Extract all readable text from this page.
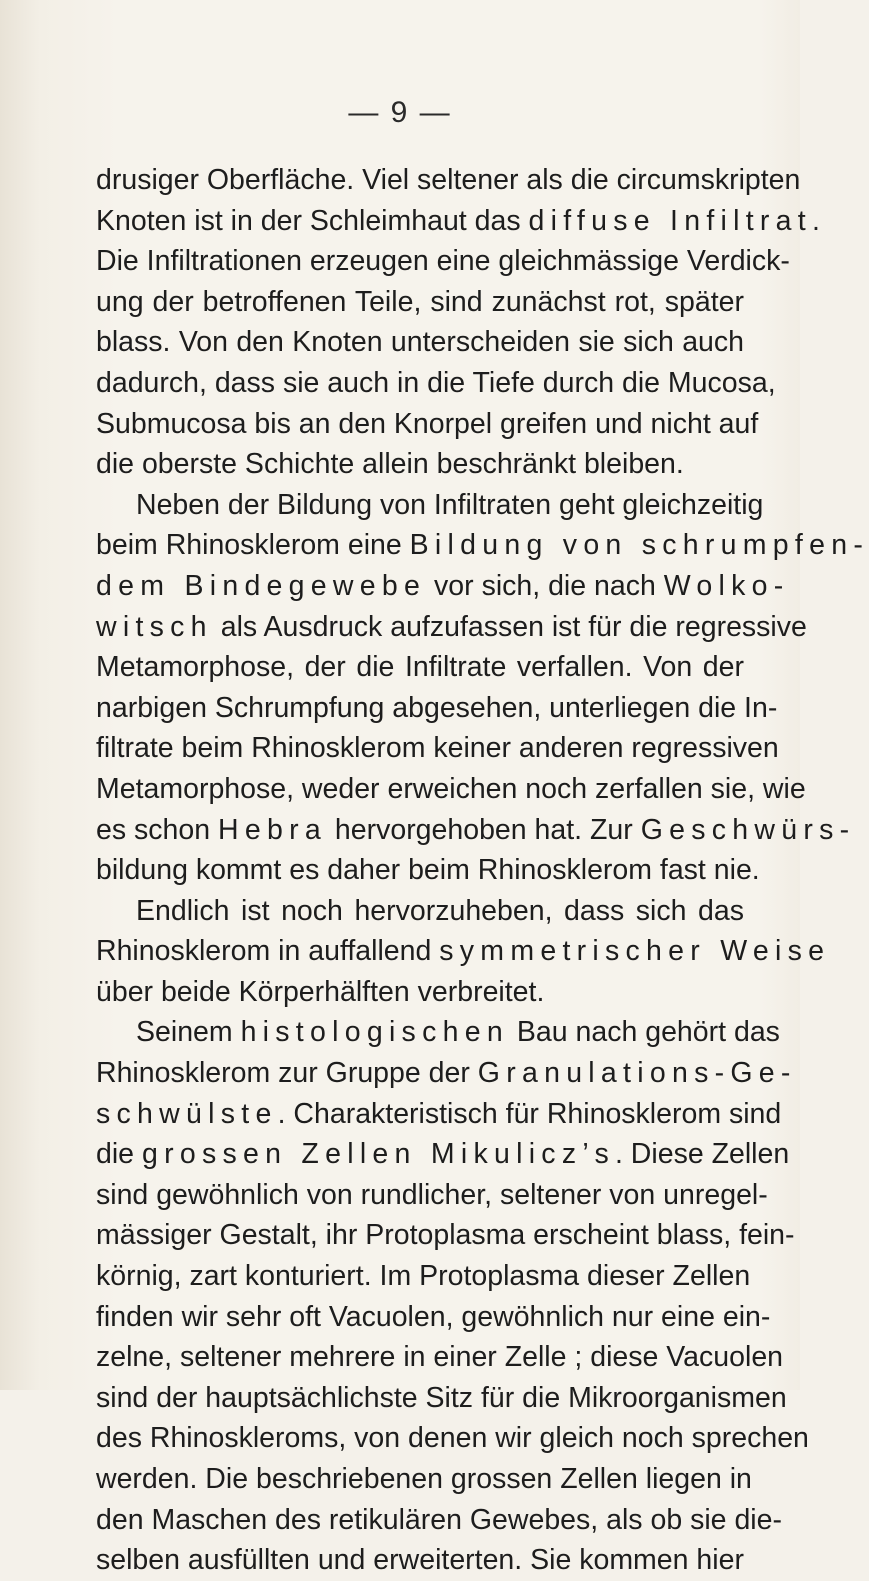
— 9 —
drusiger Oberfläche. Viel seltener als die circumskripten
Knoten ist in der Schleimhaut das diffuse Infiltrat.
Die Infiltrationen erzeugen eine gleichmässige Verdick-
ung der betroffenen Teile, sind zunächst rot, später
blass. Von den Knoten unterscheiden sie sich auch
dadurch, dass sie auch in die Tiefe durch die Mucosa,
Submucosa bis an den Knorpel greifen und nicht auf
die oberste Schichte allein beschränkt bleiben.
Neben der Bildung von Infiltraten geht gleichzeitig
beim Rhinosklerom eine Bildung von schrumpfen-
dem Bindegewebe vor sich, die nach Wolko-
witsch als Ausdruck aufzufassen ist für die regressive
Metamorphose, der die Infiltrate verfallen. Von der
narbigen Schrumpfung abgesehen, unterliegen die In-
filtrate beim Rhinosklerom keiner anderen regressiven
Metamorphose, weder erweichen noch zerfallen sie, wie
es schon Hebra hervorgehoben hat. Zur Geschwürs-
bildung kommt es daher beim Rhinosklerom fast nie.
Endlich ist noch hervorzuheben, dass sich das
Rhinosklerom in auffallend symmetrischer Weise
über beide Körperhälften verbreitet.
Seinem histologischen Bau nach gehört das
Rhinosklerom zur Gruppe der Granulations-Ge-
schwülste. Charakteristisch für Rhinosklerom sind
die grossen Zellen Mikulicz’s. Diese Zellen
sind gewöhnlich von rundlicher, seltener von unregel-
mässiger Gestalt, ihr Protoplasma erscheint blass, fein-
körnig, zart konturiert. Im Protoplasma dieser Zellen
finden wir sehr oft Vacuolen, gewöhnlich nur eine ein-
zelne, seltener mehrere in einer Zelle ; diese Vacuolen
sind der hauptsächlichste Sitz für die Mikroorganismen
des Rhinoskleroms, von denen wir gleich noch sprechen
werden. Die beschriebenen grossen Zellen liegen in
den Maschen des retikulären Gewebes, als ob sie die-
selben ausfüllten und erweiterten. Sie kommen hier
